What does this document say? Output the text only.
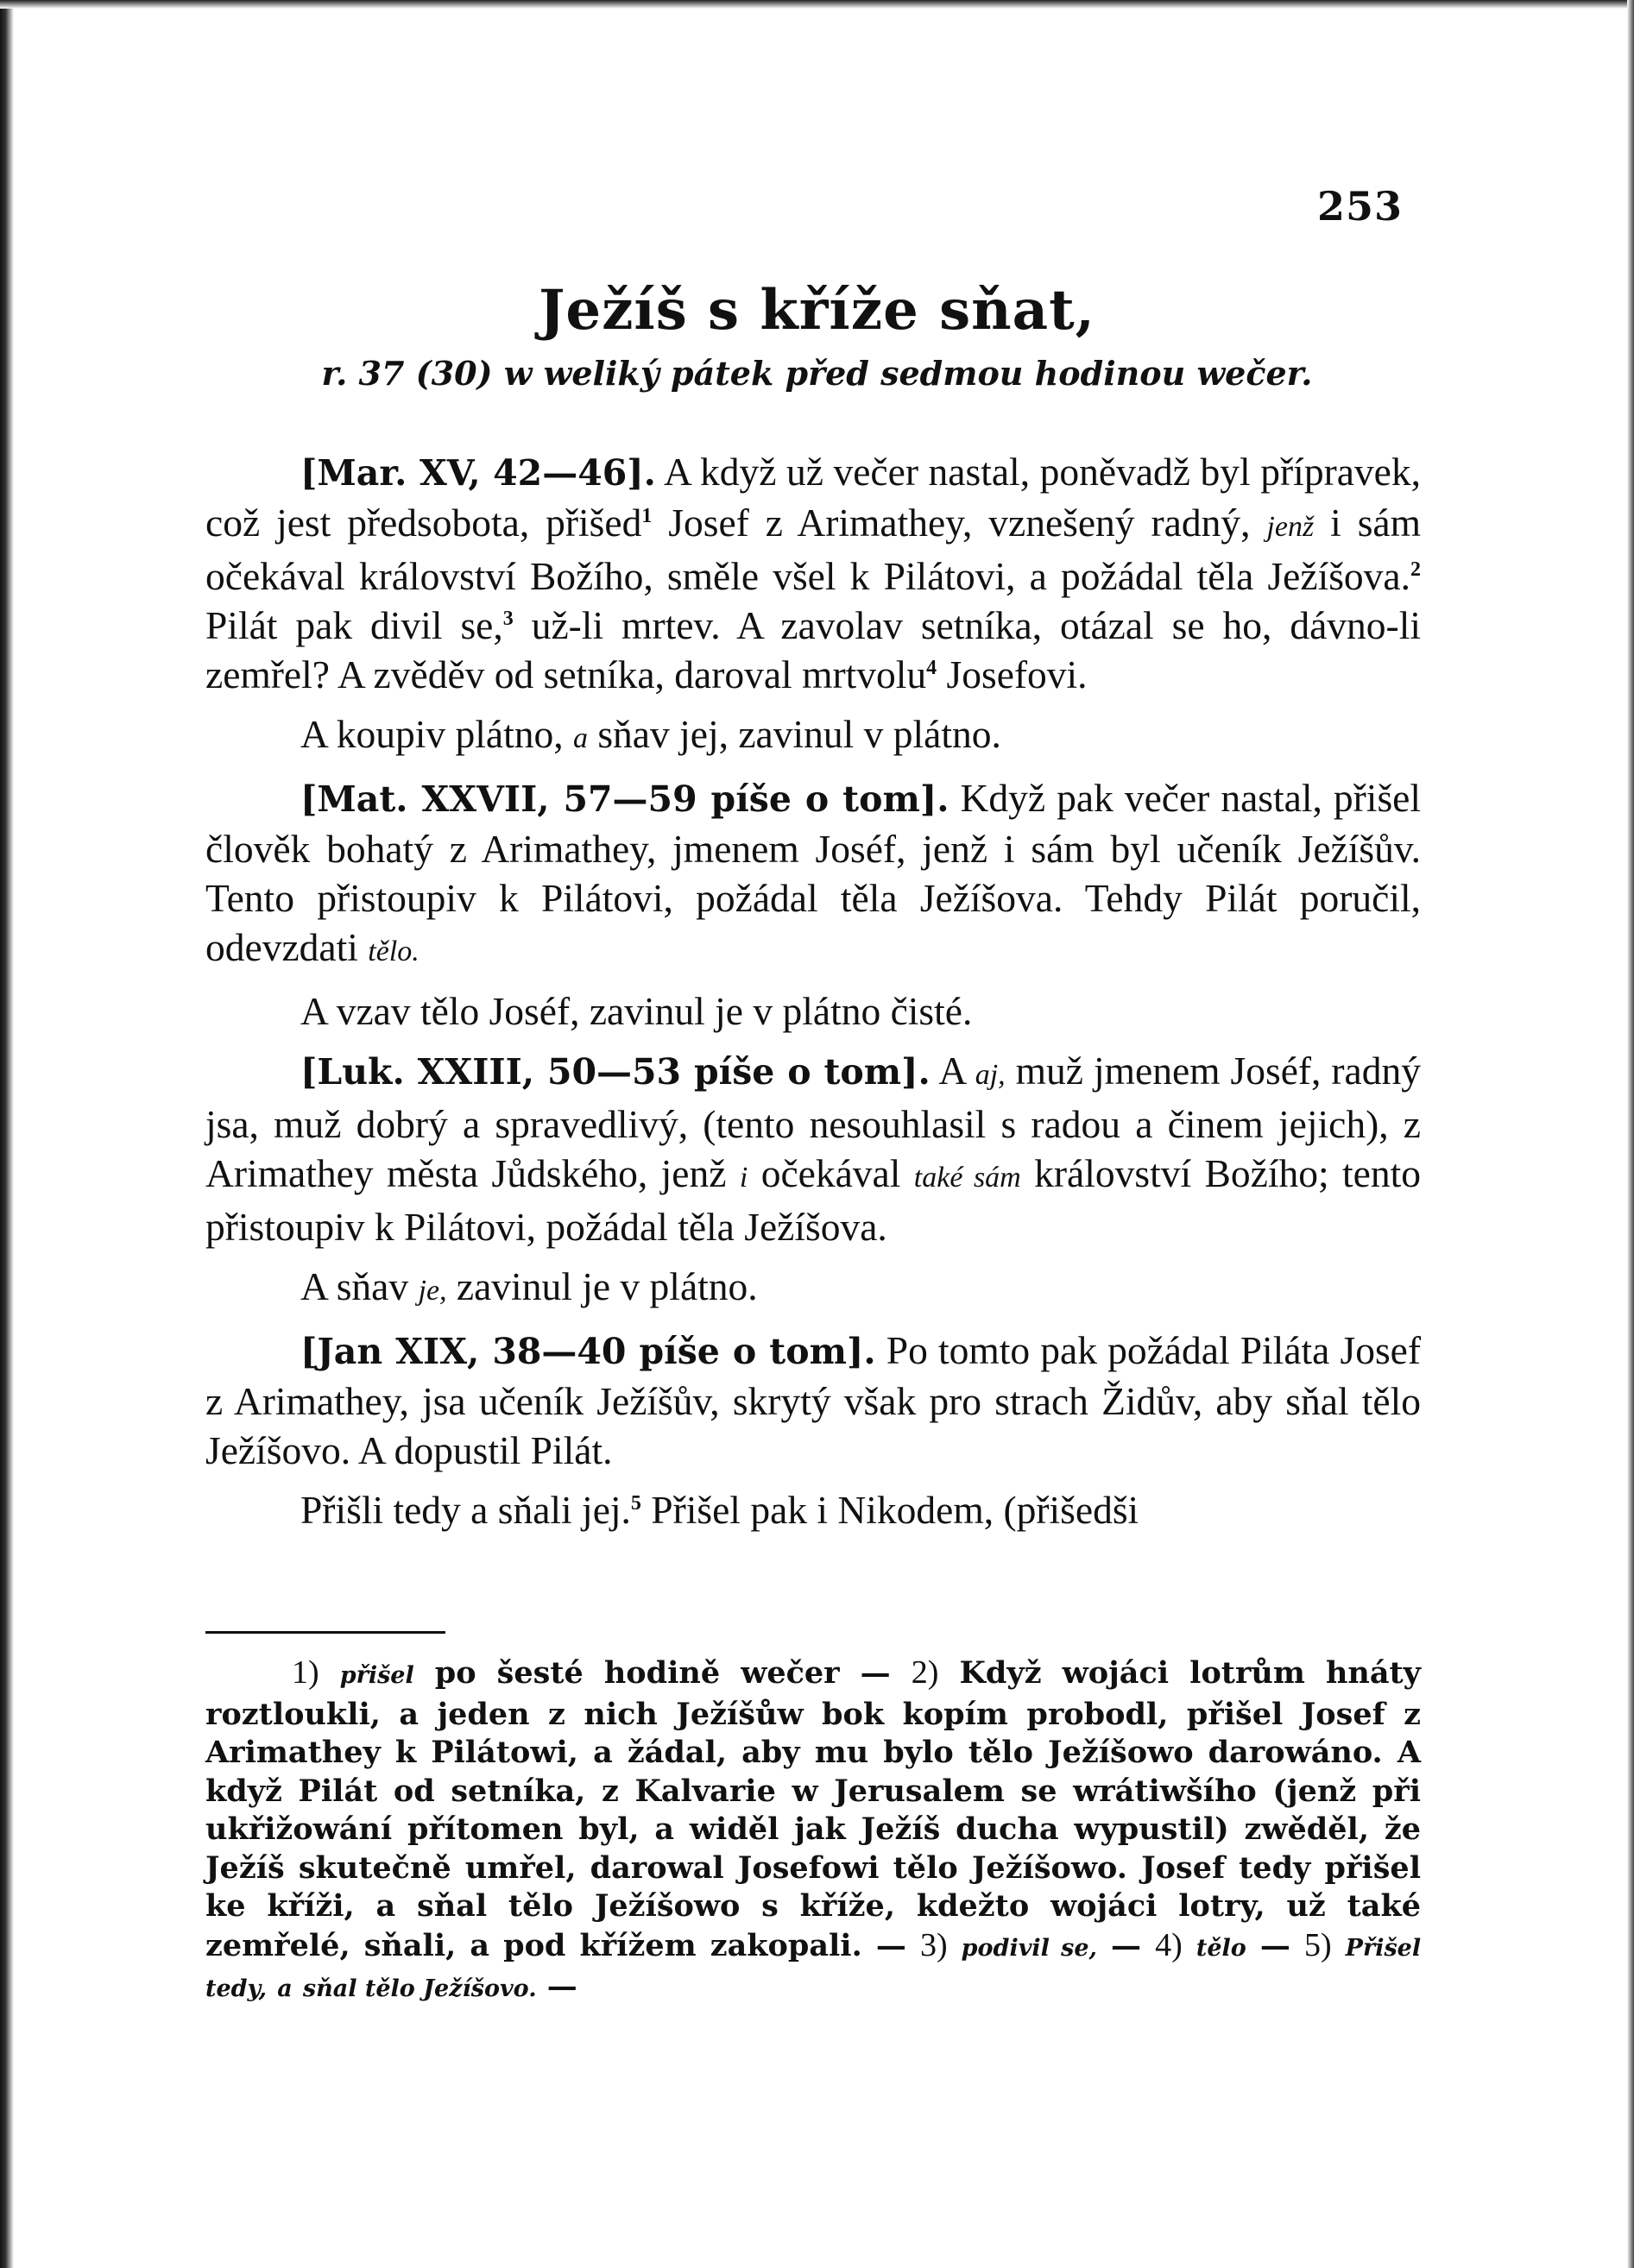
253
Ježíš s kříže sňat,
r. 37 (30) w weliký pátek před sedmou hodinou wečer.

[Mar. XV, 42—46]. A když už večer nastal, poněvadž byl přípravek, což jest předsobota, přišed$^1$ Josef z Arimathey, vznešený radný, jenž i sám očekával království Božího, směle všel k Pilátovi, a požádal těla Ježíšova.$^2$ Pilát pak divil se,$^3$ už-li mrtev. A zavolav setníka, otázal se ho, dávno-li zemřel? A zvěděv od setníka, daroval mrtvolu$^4$ Josefovi.

A koupiv plátno, a sňav jej, zavinul v plátno.

[Mat. XXVII, 57—59 píše o tom]. Když pak večer nastal, přišel člověk bohatý z Arimathey, jmenem Joséf, jenž i sám byl učeník Ježíšův. Tento přistoupiv k Pilátovi, požádal těla Ježíšova. Tehdy Pilát poručil, odevzdati tělo.

A vzav tělo Joséf, zavinul je v plátno čisté.

[Luk. XXIII, 50—53 píše o tom]. A aj, muž jmenem Joséf, radný jsa, muž dobrý a spravedlivý, (tento nesouhlasil s radou a činem jejich), z Arimathey města Jůdského, jenž i očekával také sám království Božího; tento přistoupiv k Pilátovi, požádal těla Ježíšova.

A sňav je, zavinul je v plátno.

[Jan XIX, 38—40 píše o tom]. Po tomto pak požádal Piláta Josef z Arimathey, jsa učeník Ježíšův, skrytý však pro strach Židův, aby sňal tělo Ježíšovo. A dopustil Pilát.

Přišli tedy a sňali jej.$^5$ Přišel pak i Nikodem, (přišedši

1) přišel po šesté hodině wečer — 2) Když wojáci lotrům hnáty roztloukli, a jeden z nich Ježíšůw bok kopím probodl, přišel Josef z Arimathey k Pilátowi, a žádal, aby mu bylo tělo Ježíšowo darowáno. A když Pilát od setníka, z Kalvarie w Jerusalem se wrátiwšího (jenž při ukřižowání přítomen byl, a widěl jak Ježíš ducha wypustil) zwěděl, že Ježíš skutečně umřel, darowal Josefowi tělo Ježíšowo. Josef tedy přišel ke kříži, a sňal tělo Ježíšowo s kříže, kdežto wojáci lotry, už také zemřelé, sňali, a pod křížem zakopali. — 3) podivil se, — 4) tělo — 5) Přišel tedy, a sňal tělo Ježíšovo. —
